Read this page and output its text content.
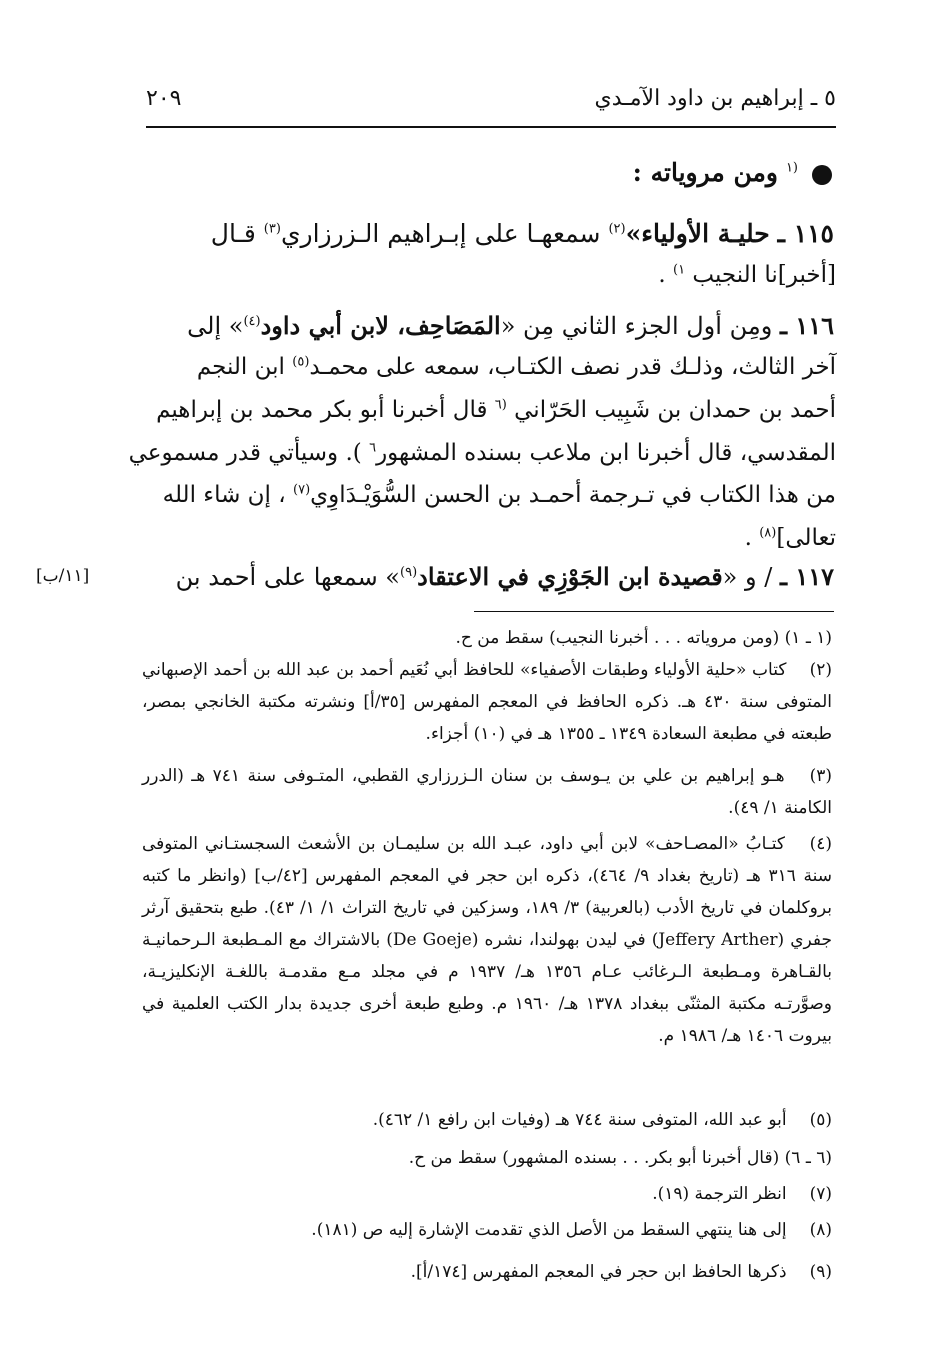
٥ ـ إبراهيم بن داود الآمـدي
٢٠٩
$^{(١}$ ومن مروياته :
١١٥ ـ حليـة الأولياء»$^{(٢)}$ سمعهـا على إبـراهيم الـزرزاري$^{(٣)}$ قـال
[أخبر]نا النجيب $^{١)}$ .
١١٦ ـ ومِن أول الجزء الثاني مِن «المَصَاحِف، لابن أبي داود$^{(٤)}$» إلى
آخر الثالث، وذلـك قدر نصف الكتـاب، سمعه على محمـد$^{(٥)}$ ابن النجم
أحمد بن حمدان بن شَبِيب الحَرّاني $^{(٦}$ قال أخبرنا أبو بكر محمد بن إبراهيم
المقدسي، قال أخبرنا ابن ملاعب بسنده المشهور$^٦$ ). وسيأتي قدر مسموعي
من هذا الكتاب في تـرجمة أحمـد بن الحسن السُّوَيْـدَاوِي$^{(٧)}$ ، إن شاء الله
تعالى]$^{(٨)}$ .
١١٧ ـ / و «قصيدة ابن الجَوْزِي في الاعتقاد$^{(٩)}$» سمعها على أحمد بن
[١١/ب]
(١ ـ ١) (ومن مروياته . . . أخبرنا النجيب) سقط من ح.
(٢) كتاب «حلية الأولياء وطبقات الأصفياء» للحافظ أبي نُعَيم أحمد بن عبد الله بن أحمد الإصبهاني المتوفى سنة ٤٣٠ هـ. ذكره الحافظ في المعجم المفهرس [٣٥/أ] ونشرته مكتبة الخانجي بمصر، طبعته في مطبعة السعادة ١٣٤٩ ـ ١٣٥٥ هـ في (١٠) أجزاء.
(٣) هـو إبراهيم بن علي بن يـوسف بن سنان الـزرزاري القطبي، المتـوفى سنة ٧٤١ هـ (الدرر الكامنة ١/ ٤٩).
(٤) كتـابُ «المصـاحف» لابن أبي داود، عبـد الله بن سليمـان بن الأشعث السجستـاني المتوفى سنة ٣١٦ هـ (تاريخ بغداد ٩/ ٤٦٤)، ذكره ابن حجر في المعجم المفهرس [٤٢/ب] (وانظر ما كتبه بروكلمان في تاريخ الأدب (بالعربية) ٣/ ١٨٩، وسزكين في تاريخ التراث ١/ ١/ ٤٣). طبع بتحقيق آرثر جفري (Jeffery Arther) في ليدن بهولندا، نشره (De Goeje) بالاشتراك مع المـطبعة الـرحمانيـة بالقـاهرة ومـطبعة الـرغائب عـام ١٣٥٦ هـ/ ١٩٣٧ م في مجلد مـع مقدمـة باللغـة الإنكليزيـة، وصوَّرتـه مكتبة المثنّى ببغداد ١٣٧٨ هـ/ ١٩٦٠ م. وطبع طبعة أخرى جديدة بدار الكتب العلمية في بيروت ١٤٠٦ هـ/ ١٩٨٦ م.
(٥) أبو عبد الله، المتوفى سنة ٧٤٤ هـ (وفيات ابن رافع ١/ ٤٦٢).
(٦ ـ ٦) (قال أخبرنا أبو بكر. . . بسنده المشهور) سقط من ح.
(٧) انظر الترجمة (١٩).
(٨) إلى هنا ينتهي السقط من الأصل الذي تقدمت الإشارة إليه ص (١٨١).
(٩) ذكرها الحافظ ابن حجر في المعجم المفهرس [١٧٤/أ].
